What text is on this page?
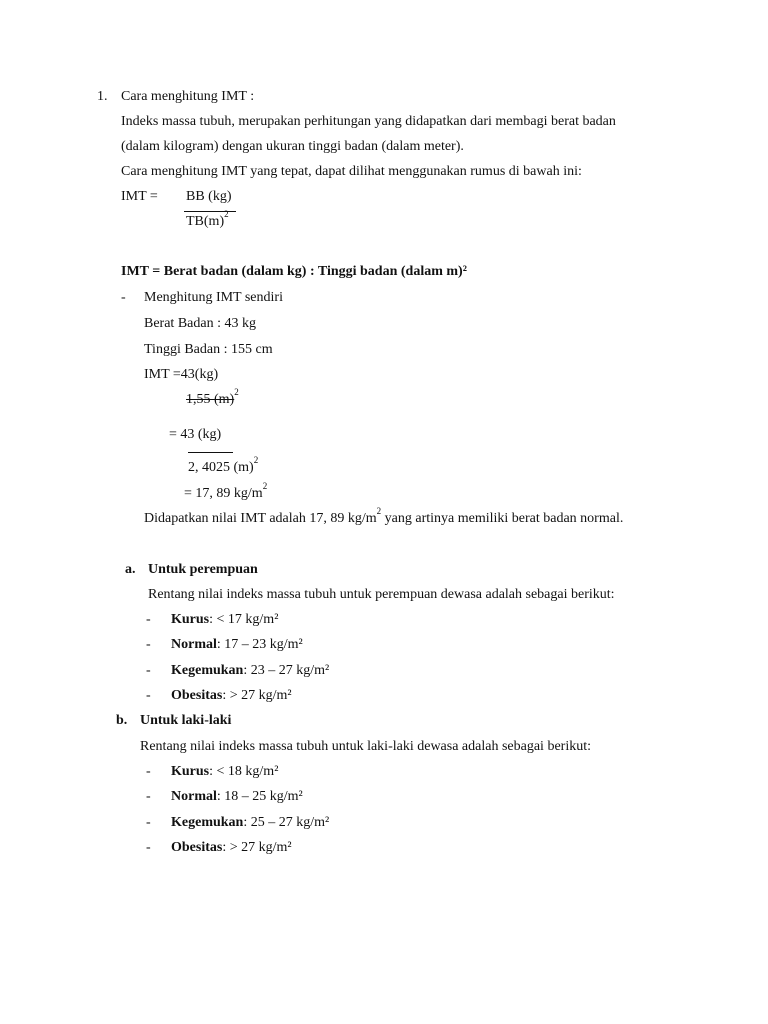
1. Cara menghitung IMT :
Indeks massa tubuh, merupakan perhitungan yang didapatkan dari membagi berat badan
(dalam kilogram) dengan ukuran tinggi badan (dalam meter).
Cara menghitung IMT yang tepat, dapat dilihat menggunakan rumus di bawah ini:
IMT = BB (kg)
$TB(m)^2$
IMT = Berat badan (dalam kg) : Tinggi badan (dalam m)²
- Menghitung IMT sendiri
Berat Badan : 43 kg
Tinggi Badan : 155 cm
IMT =43(kg)
1,55 $(m)^2$
= 43 (kg)
2, 4025 $(m)^2$
= 17, 89 $kg/m^2$
Didapatkan nilai IMT adalah 17, 89 $kg/m^2$ yang artinya memiliki berat badan normal.
a. Untuk perempuan
Rentang nilai indeks massa tubuh untuk perempuan dewasa adalah sebagai berikut:
- Kurus: < 17 kg/m²
- Normal: 17 – 23 kg/m²
- Kegemukan: 23 – 27 kg/m²
- Obesitas: > 27 kg/m²
b. Untuk laki-laki
Rentang nilai indeks massa tubuh untuk laki-laki dewasa adalah sebagai berikut:
- Kurus: < 18 kg/m²
- Normal: 18 – 25 kg/m²
- Kegemukan: 25 – 27 kg/m²
- Obesitas: > 27 kg/m²
